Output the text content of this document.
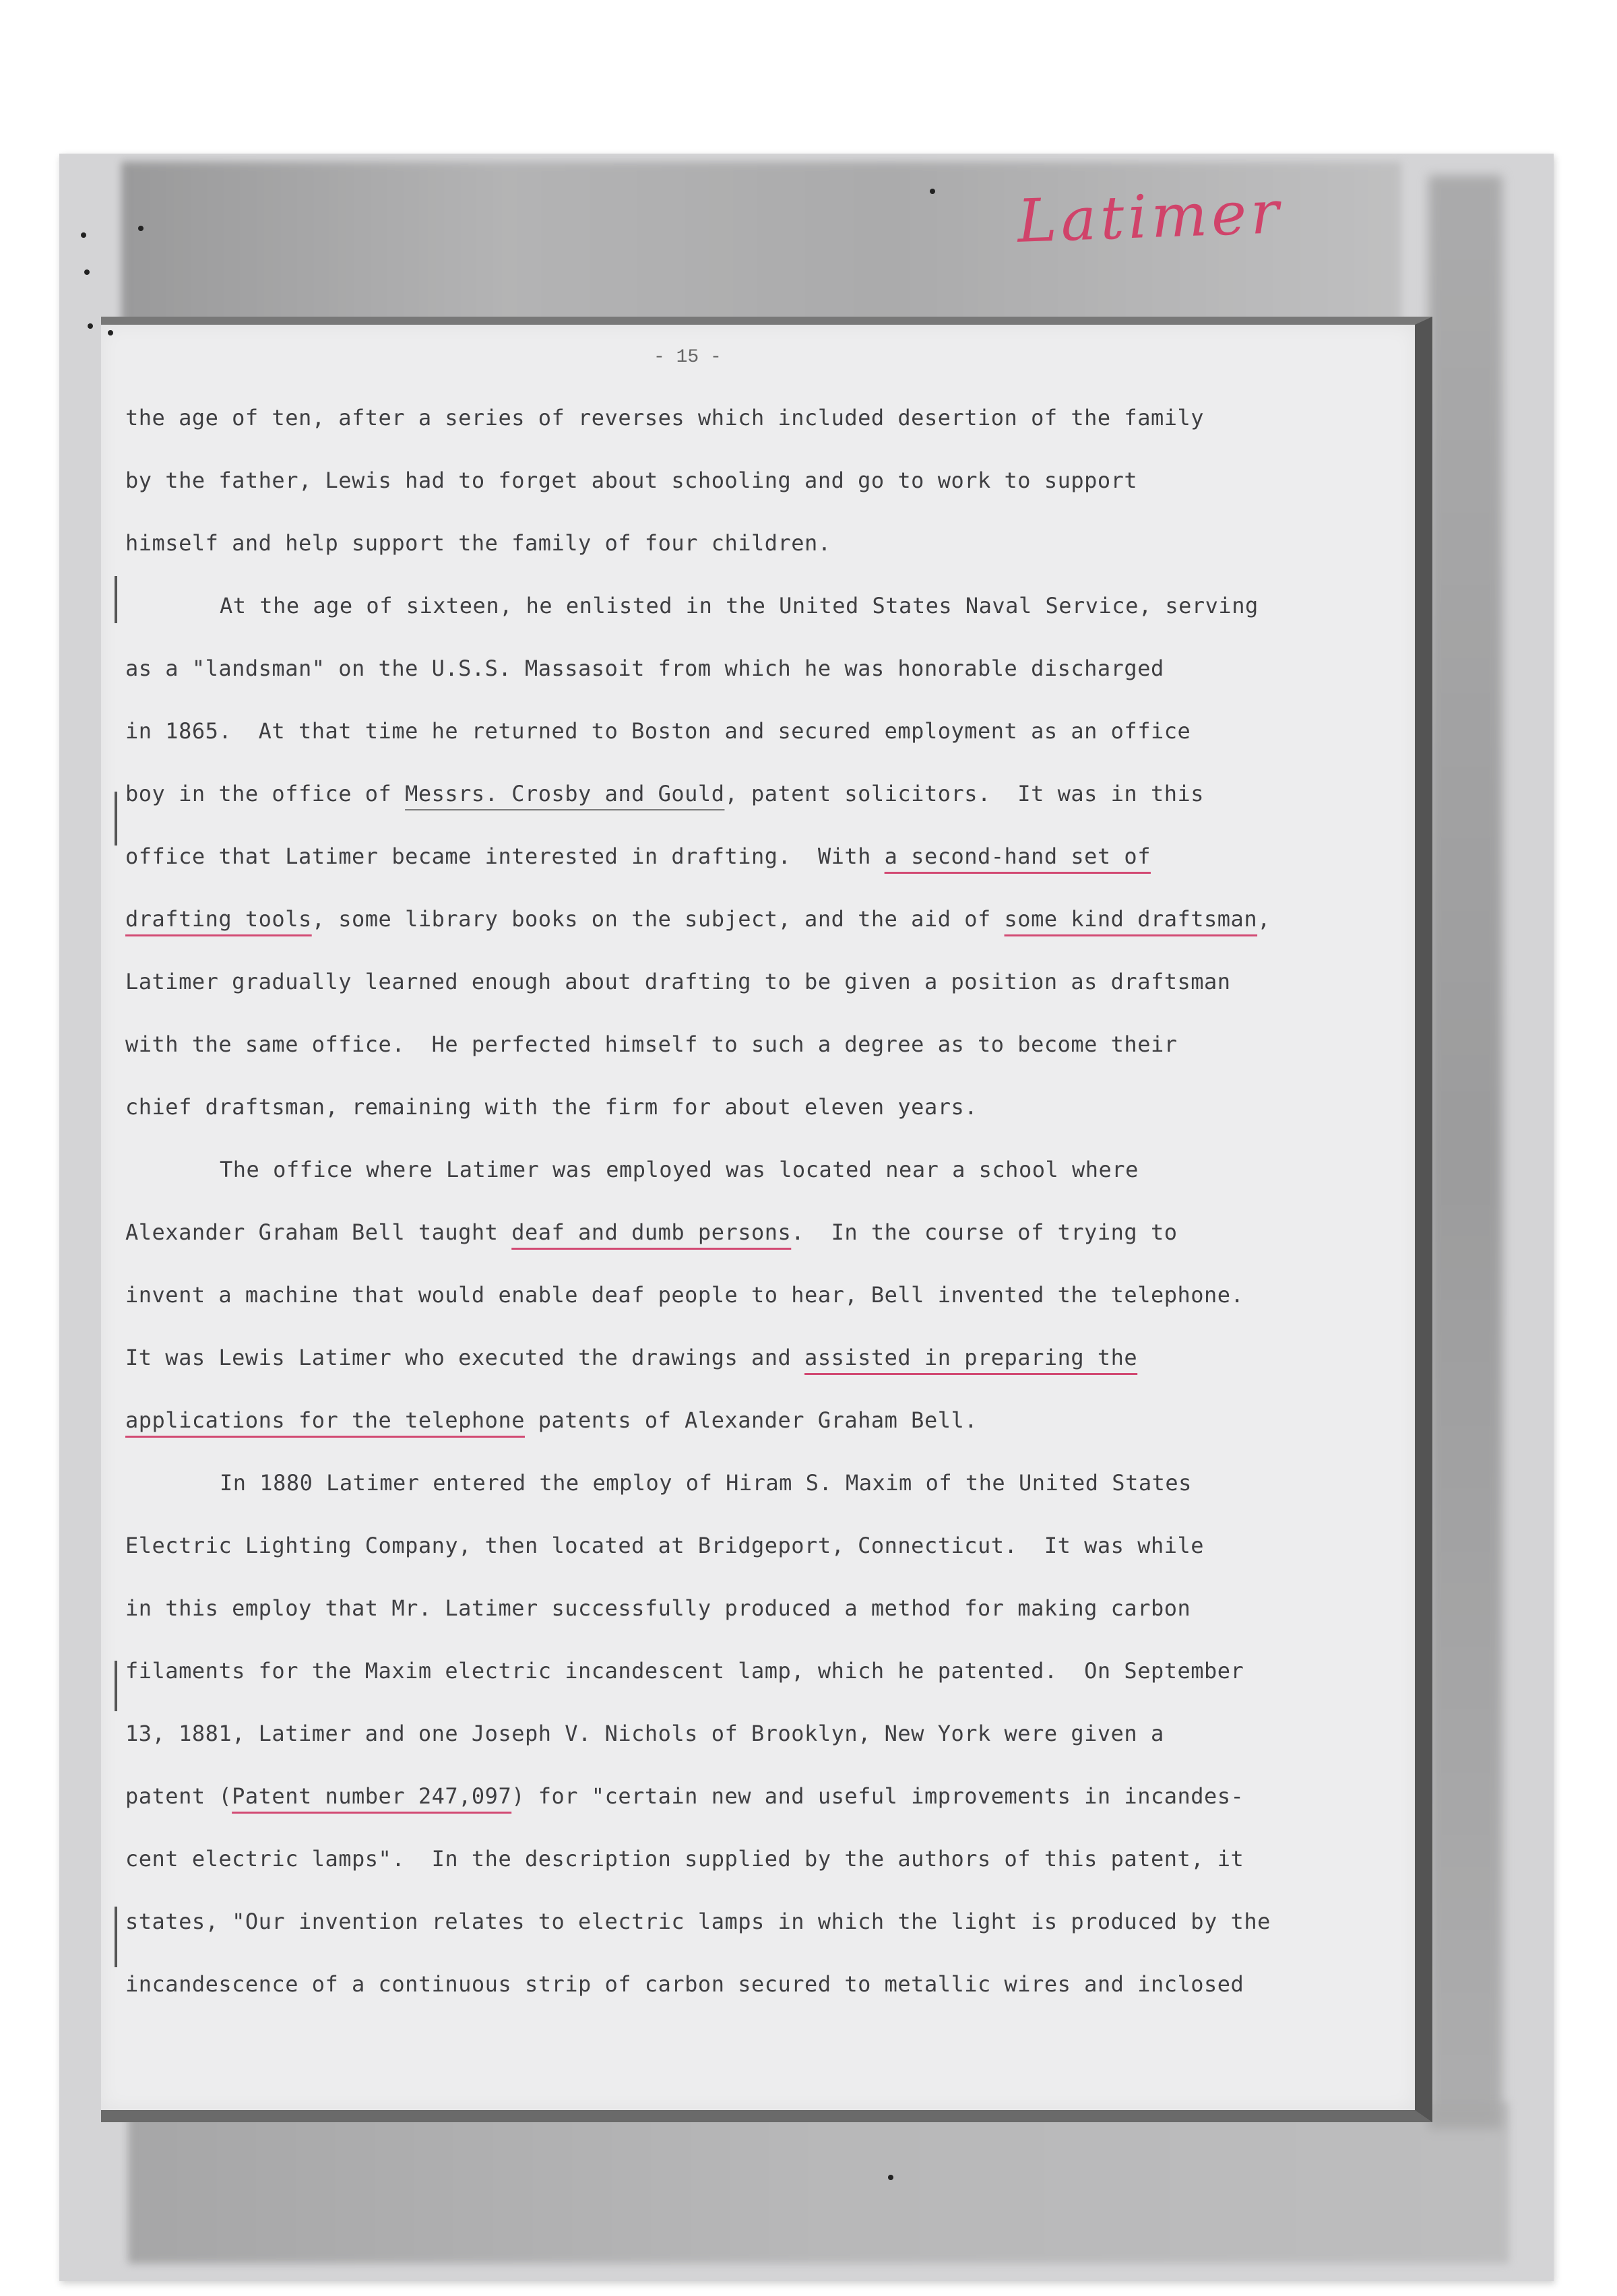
Latimer
- 15 -
the age of ten, after a series of reverses which included desertion of the family
by the father, Lewis had to forget about schooling and go to work to support
himself and help support the family of four children.
At the age of sixteen, he enlisted in the United States Naval Service, serving
as a "landsman" on the U.S.S. Massasoit from which he was honorable discharged
in 1865.  At that time he returned to Boston and secured employment as an office
boy in the office of Messrs. Crosby and Gould, patent solicitors.  It was in this
office that Latimer became interested in drafting.  With a second-hand set of
drafting tools, some library books on the subject, and the aid of some kind draftsman,
Latimer gradually learned enough about drafting to be given a position as draftsman
with the same office.  He perfected himself to such a degree as to become their
chief draftsman, remaining with the firm for about eleven years.
The office where Latimer was employed was located near a school where
Alexander Graham Bell taught deaf and dumb persons.  In the course of trying to
invent a machine that would enable deaf people to hear, Bell invented the telephone.
It was Lewis Latimer who executed the drawings and assisted in preparing the
applications for the telephone patents of Alexander Graham Bell.
In 1880 Latimer entered the employ of Hiram S. Maxim of the United States
Electric Lighting Company, then located at Bridgeport, Connecticut.  It was while
in this employ that Mr. Latimer successfully produced a method for making carbon
filaments for the Maxim electric incandescent lamp, which he patented.  On September
13, 1881, Latimer and one Joseph V. Nichols of Brooklyn, New York were given a
patent (Patent number 247,097) for "certain new and useful improvements in incandes-
cent electric lamps".  In the description supplied by the authors of this patent, it
states, "Our invention relates to electric lamps in which the light is produced by the
incandescence of a continuous strip of carbon secured to metallic wires and inclosed
